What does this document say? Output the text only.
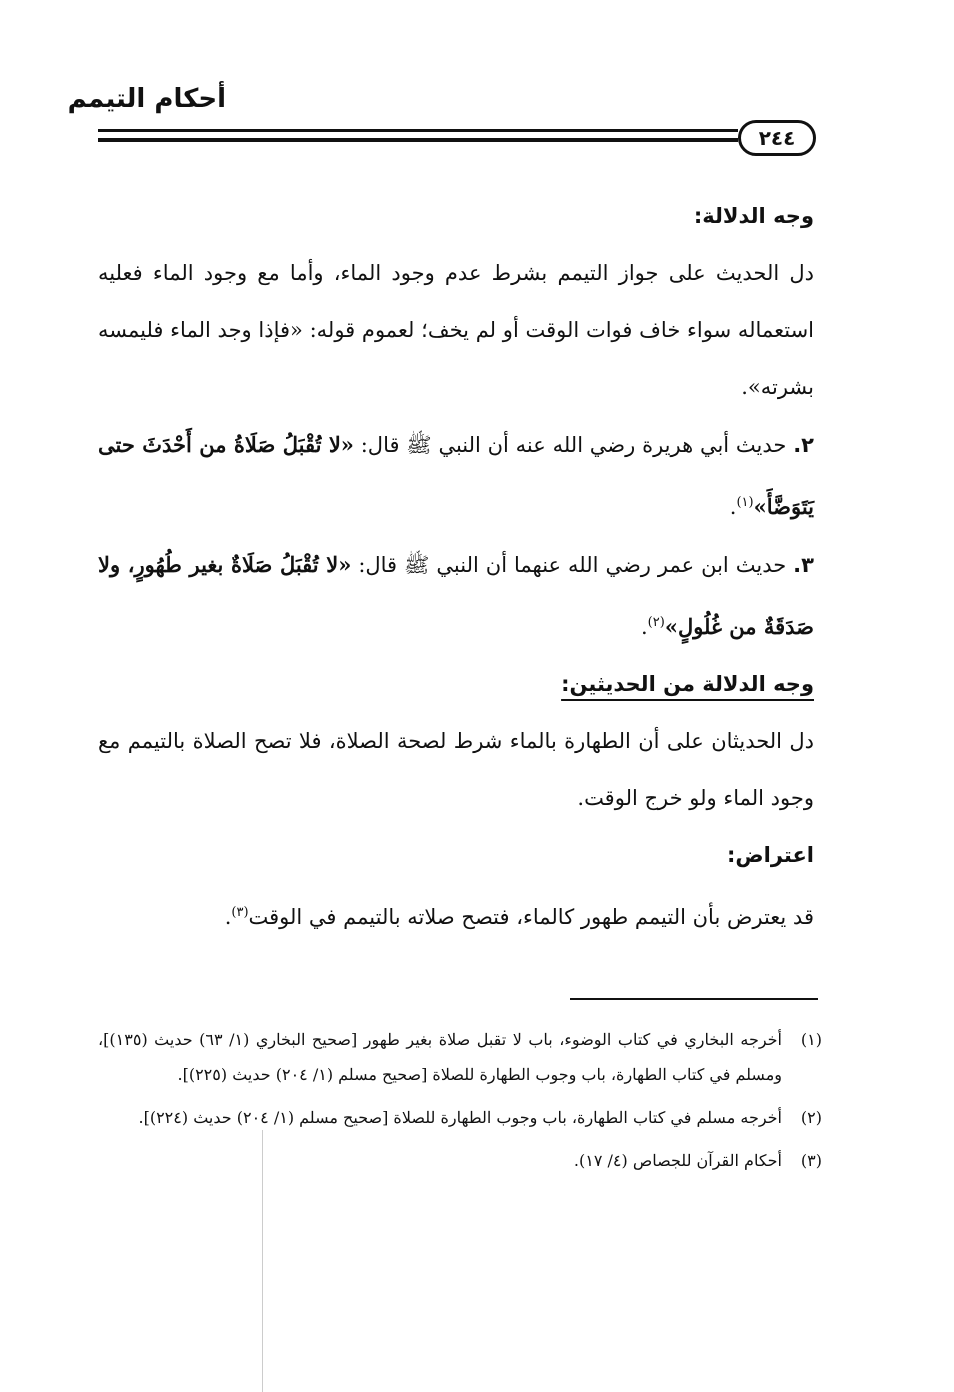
أحكام التيمم
٢٤٤

وجه الدلالة:

دل الحديث على جواز التيمم بشرط عدم وجود الماء، وأما مع وجود الماء فعليه استعماله سواء خاف فوات الوقت أو لم يخف؛ لعموم قوله: «فإذا وجد الماء فليمسه بشرته».

٢. حديث أبي هريرة رضي الله عنه أن النبي ﷺ قال: «لا تُقْبَلُ صَلَاةُ من أَحْدَثَ حتى يَتَوَضَّأَ»$^{(١)}$.

٣. حديث ابن عمر رضي الله عنهما أن النبي ﷺ قال: «لا تُقْبَلُ صَلَاةٌ بغير طُهُورٍ، ولا صَدَقَةٌ من غُلُولٍ»$^{(٢)}$.

وجه الدلالة من الحديثين:

دل الحديثان على أن الطهارة بالماء شرط لصحة الصلاة، فلا تصح الصلاة بالتيمم مع وجود الماء ولو خرج الوقت.

اعتراض:

قد يعترض بأن التيمم طهور كالماء، فتصح صلاته بالتيمم في الوقت$^{(٣)}$.

(١)
أخرجه البخاري في كتاب الوضوء، باب لا تقبل صلاة بغير طهور [صحيح البخاري (١/ ٦٣) حديث (١٣٥)]، ومسلم في كتاب الطهارة، باب وجوب الطهارة للصلاة [صحيح مسلم (١/ ٢٠٤) حديث (٢٢٥)].
(٢)
أخرجه مسلم في كتاب الطهارة، باب وجوب الطهارة للصلاة [صحيح مسلم (١/ ٢٠٤) حديث (٢٢٤)].
(٣)
أحكام القرآن للجصاص (٤/ ١٧).
